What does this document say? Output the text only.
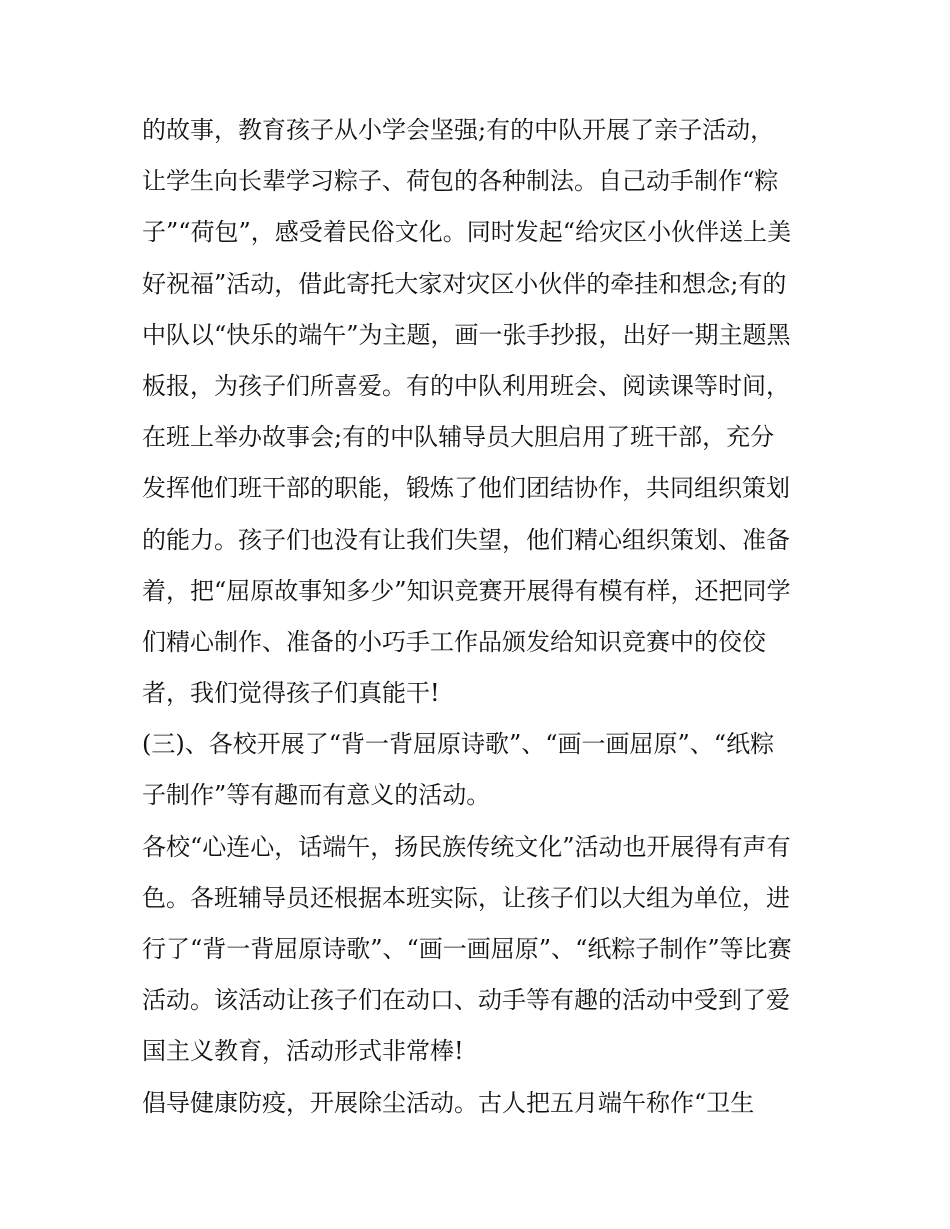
的故事，教育孩子从小学会坚强;有的中队开展了亲子活动，
让学生向长辈学习粽子、荷包的各种制法。自己动手制作“粽
子”“荷包”，感受着民俗文化。同时发起“给灾区小伙伴送上美
好祝福”活动，借此寄托大家对灾区小伙伴的牵挂和想念;有的
中队以“快乐的端午”为主题，画一张手抄报，出好一期主题黑
板报，为孩子们所喜爱。有的中队利用班会、阅读课等时间，
在班上举办故事会;有的中队辅导员大胆启用了班干部，充分
发挥他们班干部的职能，锻炼了他们团结协作，共同组织策划
的能力。孩子们也没有让我们失望，他们精心组织策划、准备
着，把“屈原故事知多少”知识竞赛开展得有模有样，还把同学
们精心制作、准备的小巧手工作品颁发给知识竞赛中的佼佼
者，我们觉得孩子们真能干!
(三)、各校开展了“背一背屈原诗歌”、“画一画屈原”、“纸粽
子制作”等有趣而有意义的活动。
各校“心连心，话端午，扬民族传统文化”活动也开展得有声有
色。各班辅导员还根据本班实际，让孩子们以大组为单位，进
行了“背一背屈原诗歌”、“画一画屈原”、“纸粽子制作”等比赛
活动。该活动让孩子们在动口、动手等有趣的活动中受到了爱
国主义教育，活动形式非常棒!
倡导健康防疫，开展除尘活动。古人把五月端午称作“卫生
